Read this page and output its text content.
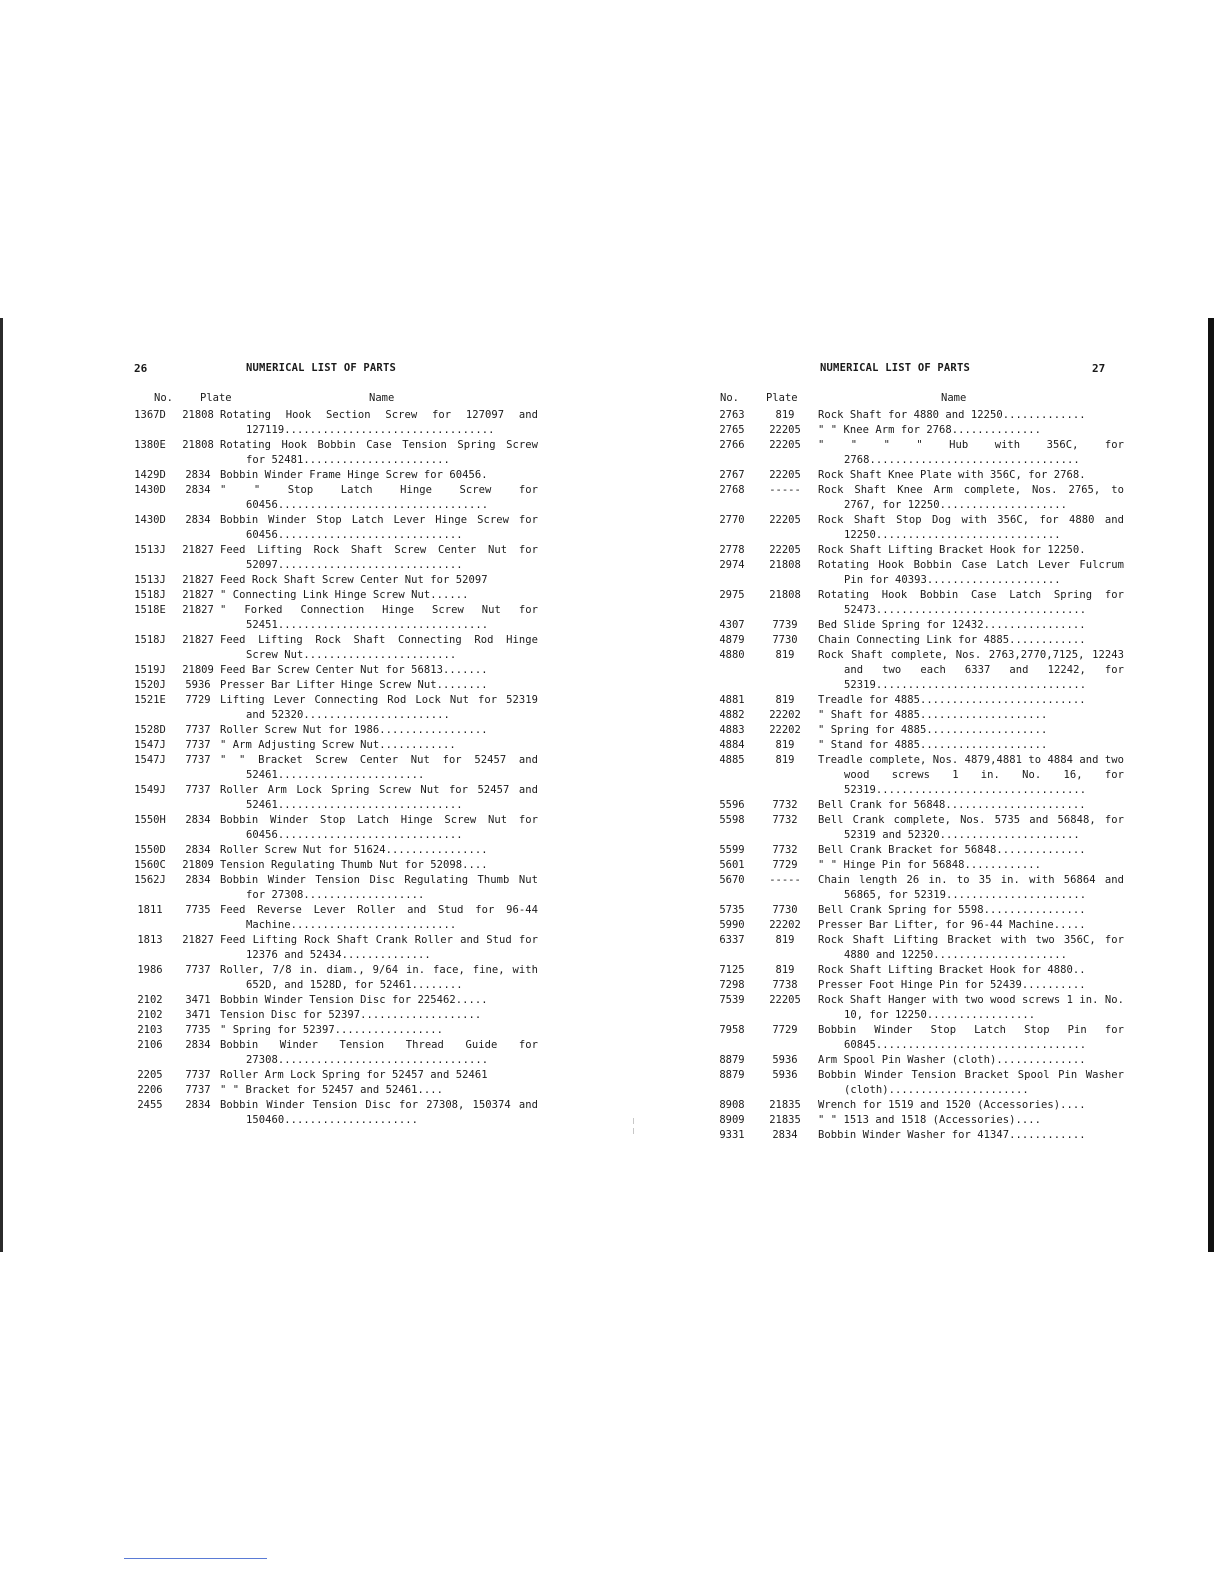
26	NUMERICAL LIST OF PARTS
No.	Plate	Name
1367D	21808 Rotating Hook Section Screw for 127097 and 127119.................................
1380E	21808 Rotating Hook Bobbin Case Tension Spring Screw for 52481.......................
1429D	2834 Bobbin Winder Frame Hinge Screw for 60456.
1430D	2834 " " Stop Latch Hinge Screw for 60456.................................
1430D	2834 Bobbin Winder Stop Latch Lever Hinge Screw for 60456.............................
1513J	21827 Feed Lifting Rock Shaft Screw Center Nut for 52097.............................
1513J	21827 Feed Rock Shaft Screw Center Nut for 52097
1518J	21827 " Connecting Link Hinge Screw Nut......
1518E	21827 " Forked Connection Hinge Screw Nut for 52451.................................
1518J	21827 Feed Lifting Rock Shaft Connecting Rod Hinge Screw Nut........................
1519J	21809 Feed Bar Screw Center Nut for 56813.......
1520J	5936 Presser Bar Lifter Hinge Screw Nut........
1521E	7729 Lifting Lever Connecting Rod Lock Nut for 52319 and 52320.......................
1528D	7737 Roller Screw Nut for 1986.................
1547J	7737 " Arm Adjusting Screw Nut............
1547J	7737 " " Bracket Screw Center Nut for 52457 and 52461.......................
1549J	7737 Roller Arm Lock Spring Screw Nut for 52457 and 52461.............................
1550H	2834 Bobbin Winder Stop Latch Hinge Screw Nut for 60456.............................
1550D	2834 Roller Screw Nut for 51624................
1560C	21809 Tension Regulating Thumb Nut for 52098....
1562J	2834 Bobbin Winder Tension Disc Regulating Thumb Nut for 27308...................
1811	7735 Feed Reverse Lever Roller and Stud for 96-44 Machine..........................
1813	21827 Feed Lifting Rock Shaft Crank Roller and Stud for 12376 and 52434..............
1986	7737 Roller, 7/8 in. diam., 9/64 in. face, fine, with 652D, and 1528D, for 52461........
2102	3471 Bobbin Winder Tension Disc for 225462.....
2102	3471 Tension Disc for 52397...................
2103	7735 " Spring for 52397.................
2106	2834 Bobbin Winder Tension Thread Guide for 27308.................................
2205	7737 Roller Arm Lock Spring for 52457 and 52461
2206	7737 " " Bracket for 52457 and 52461....
2455	2834 Bobbin Winder Tension Disc for 27308, 150374 and 150460.....................
NUMERICAL LIST OF PARTS	27
No.	Plate	Name
2763	819	Rock Shaft for 4880 and 12250.............
2765	22205	" " Knee Arm for 2768..............
2766	22205	" " " " Hub with 356C, for 2768.................................
2767	22205	Rock Shaft Knee Plate with 356C, for 2768.
2768	-----	Rock Shaft Knee Arm complete, Nos. 2765, to 2767, for 12250....................
2770	22205	Rock Shaft Stop Dog with 356C, for 4880 and 12250.............................
2778	22205	Rock Shaft Lifting Bracket Hook for 12250.
2974	21808	Rotating Hook Bobbin Case Latch Lever Fulcrum Pin for 40393.....................
2975	21808	Rotating Hook Bobbin Case Latch Spring for 52473.................................
4307	7739	Bed Slide Spring for 12432................
4879	7730	Chain Connecting Link for 4885............
4880	819	Rock Shaft complete, Nos. 2763,2770,7125, 12243 and two each 6337 and 12242, for 52319.................................
4881	819	Treadle for 4885..........................
4882	22202	" Shaft for 4885....................
4883	22202	" Spring for 4885...................
4884	819	" Stand for 4885....................
4885	819	Treadle complete, Nos. 4879,4881 to 4884 and two wood screws 1 in. No. 16, for 52319.................................
5596	7732	Bell Crank for 56848......................
5598	7732	Bell Crank complete, Nos. 5735 and 56848, for 52319 and 52320......................
5599	7732	Bell Crank Bracket for 56848..............
5601	7729	" " Hinge Pin for 56848............
5670	-----	Chain length 26 in. to 35 in. with 56864 and 56865, for 52319......................
5735	7730	Bell Crank Spring for 5598................
5990	22202	Presser Bar Lifter, for 96-44 Machine.....
6337	819	Rock Shaft Lifting Bracket with two 356C, for 4880 and 12250.....................
7125	819	Rock Shaft Lifting Bracket Hook for 4880..
7298	7738	Presser Foot Hinge Pin for 52439..........
7539	22205	Rock Shaft Hanger with two wood screws 1 in. No. 10, for 12250.................
7958	7729	Bobbin Winder Stop Latch Stop Pin for 60845.................................
8879	5936	Arm Spool Pin Washer (cloth)..............
8879	5936	Bobbin Winder Tension Bracket Spool Pin Washer (cloth)......................
8908	21835	Wrench for 1519 and 1520 (Accessories)....
8909	21835	" " 1513 and 1518 (Accessories)....
9331	2834	Bobbin Winder Washer for 41347............
